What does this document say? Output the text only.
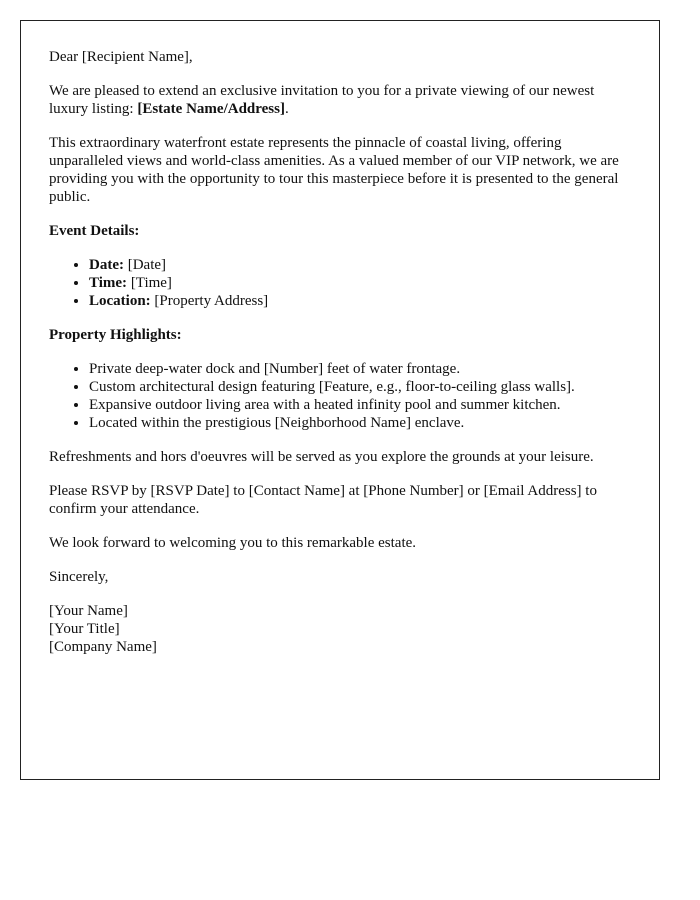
Dear [Recipient Name],

We are pleased to extend an exclusive invitation to you for a private viewing of our newest luxury listing: [Estate Name/Address].

This extraordinary waterfront estate represents the pinnacle of coastal living, offering unparalleled views and world-class amenities. As a valued member of our VIP network, we are providing you with the opportunity to tour this masterpiece before it is presented to the general public.

Event Details:

• Date: [Date]
• Time: [Time]
• Location: [Property Address]

Property Highlights:

• Private deep-water dock and [Number] feet of water frontage.
• Custom architectural design featuring [Feature, e.g., floor-to-ceiling glass walls].
• Expansive outdoor living area with a heated infinity pool and summer kitchen.
• Located within the prestigious [Neighborhood Name] enclave.

Refreshments and hors d'oeuvres will be served as you explore the grounds at your leisure.

Please RSVP by [RSVP Date] to [Contact Name] at [Phone Number] or [Email Address] to confirm your attendance.

We look forward to welcoming you to this remarkable estate.

Sincerely,

[Your Name]

[Your Title]

[Company Name]
